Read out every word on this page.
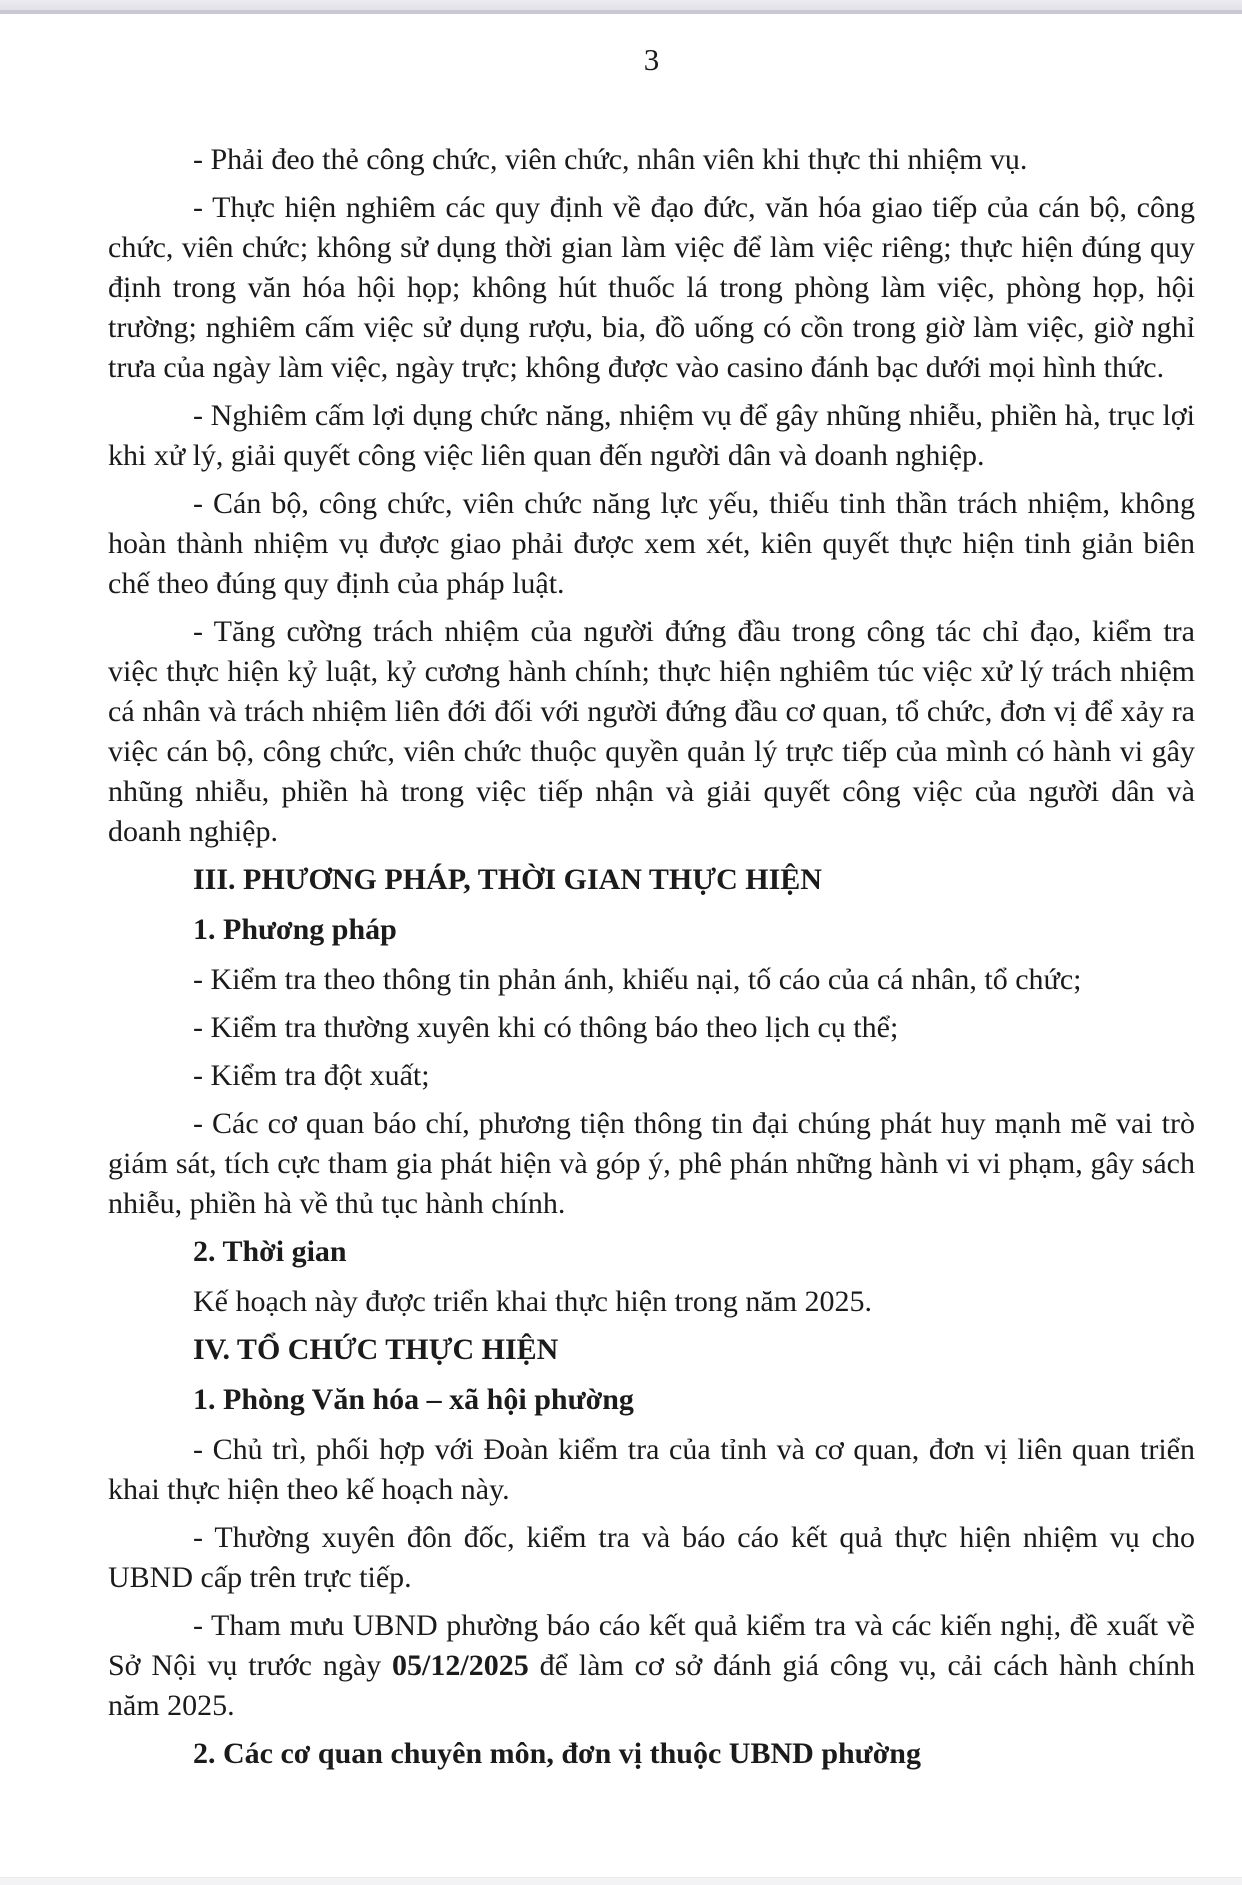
3

- Phải đeo thẻ công chức, viên chức, nhân viên khi thực thi nhiệm vụ.

- Thực hiện nghiêm các quy định về đạo đức, văn hóa giao tiếp của cán bộ, công chức, viên chức; không sử dụng thời gian làm việc để làm việc riêng; thực hiện đúng quy định trong văn hóa hội họp; không hút thuốc lá trong phòng làm việc, phòng họp, hội trường; nghiêm cấm việc sử dụng rượu, bia, đồ uống có cồn trong giờ làm việc, giờ nghỉ trưa của ngày làm việc, ngày trực; không được vào casino đánh bạc dưới mọi hình thức.

- Nghiêm cấm lợi dụng chức năng, nhiệm vụ để gây nhũng nhiễu, phiền hà, trục lợi khi xử lý, giải quyết công việc liên quan đến người dân và doanh nghiệp.

- Cán bộ, công chức, viên chức năng lực yếu, thiếu tinh thần trách nhiệm, không hoàn thành nhiệm vụ được giao phải được xem xét, kiên quyết thực hiện tinh giản biên chế theo đúng quy định của pháp luật.

- Tăng cường trách nhiệm của người đứng đầu trong công tác chỉ đạo, kiểm tra việc thực hiện kỷ luật, kỷ cương hành chính; thực hiện nghiêm túc việc xử lý trách nhiệm cá nhân và trách nhiệm liên đới đối với người đứng đầu cơ quan, tổ chức, đơn vị để xảy ra việc cán bộ, công chức, viên chức thuộc quyền quản lý trực tiếp của mình có hành vi gây nhũng nhiễu, phiền hà trong việc tiếp nhận và giải quyết công việc của người dân và doanh nghiệp.

III. PHƯƠNG PHÁP, THỜI GIAN THỰC HIỆN

1. Phương pháp

- Kiểm tra theo thông tin phản ánh, khiếu nại, tố cáo của cá nhân, tổ chức;

- Kiểm tra thường xuyên khi có thông báo theo lịch cụ thể;

- Kiểm tra đột xuất;

- Các cơ quan báo chí, phương tiện thông tin đại chúng phát huy mạnh mẽ vai trò giám sát, tích cực tham gia phát hiện và góp ý, phê phán những hành vi vi phạm, gây sách nhiễu, phiền hà về thủ tục hành chính.

2. Thời gian

Kế hoạch này được triển khai thực hiện trong năm 2025.

IV. TỔ CHỨC THỰC HIỆN

1. Phòng Văn hóa – xã hội phường

- Chủ trì, phối hợp với Đoàn kiểm tra của tỉnh và cơ quan, đơn vị liên quan triển khai thực hiện theo kế hoạch này.

- Thường xuyên đôn đốc, kiểm tra và báo cáo kết quả thực hiện nhiệm vụ cho UBND cấp trên trực tiếp.

- Tham mưu UBND phường báo cáo kết quả kiểm tra và các kiến nghị, đề xuất về Sở Nội vụ trước ngày 05/12/2025 để làm cơ sở đánh giá công vụ, cải cách hành chính năm 2025.

2. Các cơ quan chuyên môn, đơn vị thuộc UBND phường
